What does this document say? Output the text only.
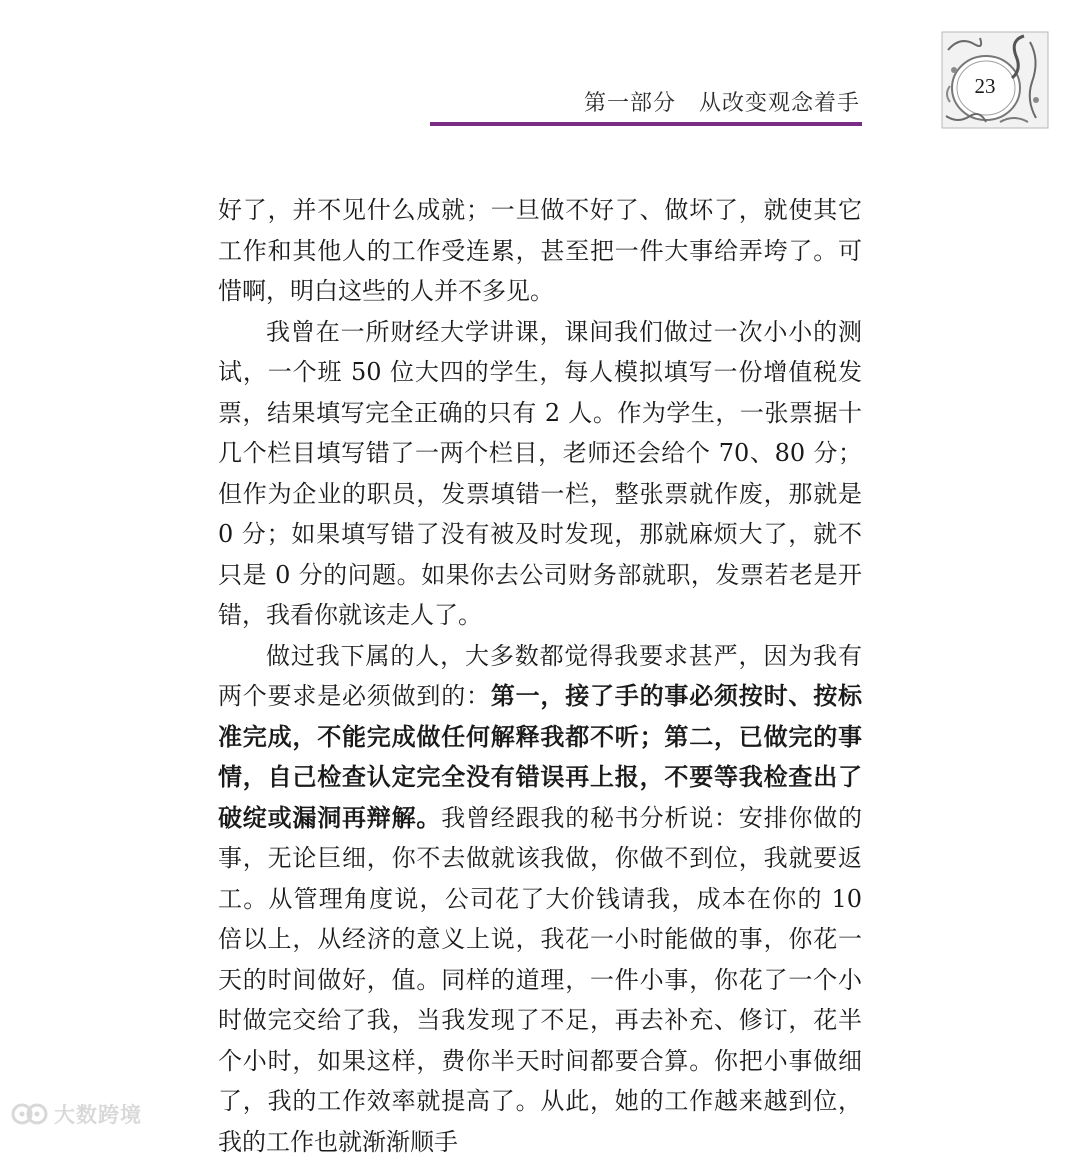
第一部分　从改变观念着手
23

好了，并不见什么成就；一旦做不好了、做坏了，就使其它工作和其他人的工作受连累，甚至把一件大事给弄垮了。可惜啊，明白这些的人并不多见。

我曾在一所财经大学讲课，课间我们做过一次小小的测试，一个班 50 位大四的学生，每人模拟填写一份增值税发票，结果填写完全正确的只有 2 人。作为学生，一张票据十几个栏目填写错了一两个栏目，老师还会给个 70、80 分；但作为企业的职员，发票填错一栏，整张票就作废，那就是 0 分；如果填写错了没有被及时发现，那就麻烦大了，就不只是 0 分的问题。如果你去公司财务部就职，发票若老是开错，我看你就该走人了。

做过我下属的人，大多数都觉得我要求甚严，因为我有两个要求是必须做到的：第一，接了手的事必须按时、按标准完成，不能完成做任何解释我都不听；第二，已做完的事情，自己检查认定完全没有错误再上报，不要等我检查出了破绽或漏洞再辩解。我曾经跟我的秘书分析说：安排你做的事，无论巨细，你不去做就该我做，你做不到位，我就要返工。从管理角度说，公司花了大价钱请我，成本在你的 10 倍以上，从经济的意义上说，我花一小时能做的事，你花一天的时间做好，值。同样的道理，一件小事，你花了一个小时做完交给了我，当我发现了不足，再去补充、修订，花半个小时，如果这样，费你半天时间都要合算。你把小事做细了，我的工作效率就提高了。从此，她的工作越来越到位，我的工作也就渐渐顺手

大数跨境
